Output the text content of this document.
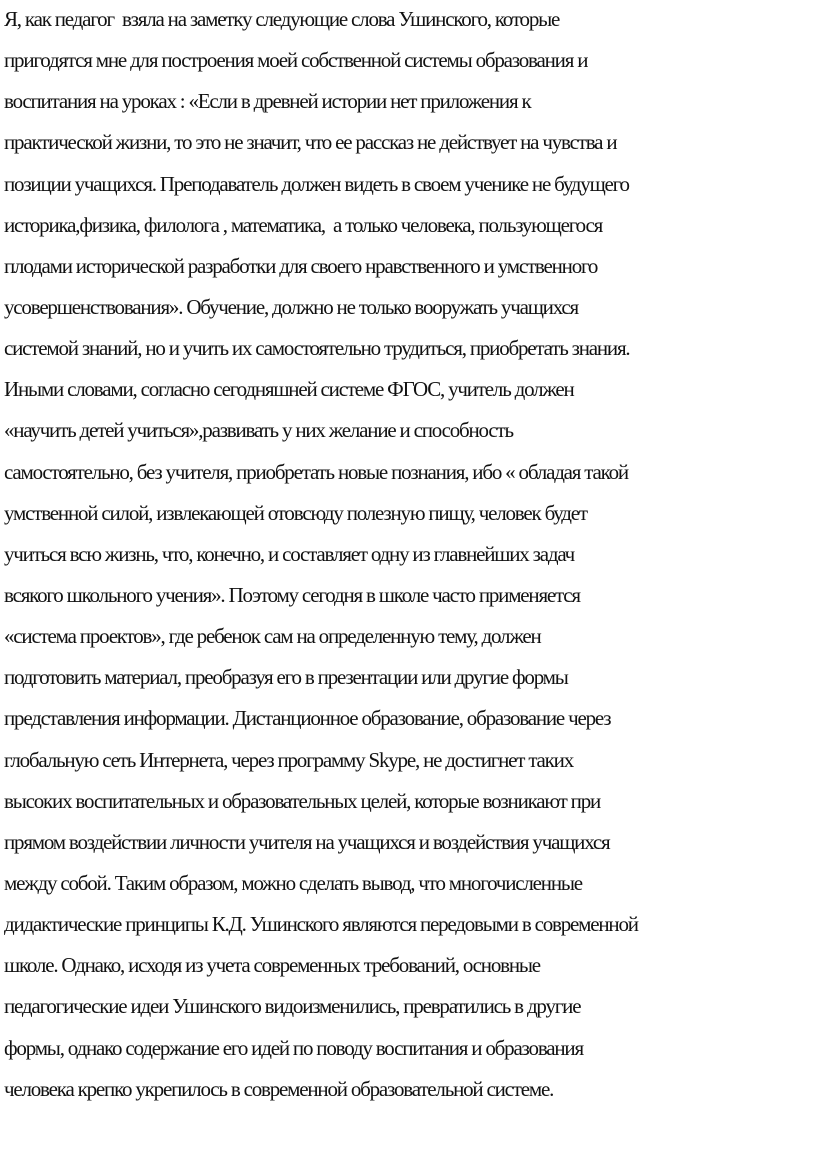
Я, как педагог  взяла на заметку следующие слова Ушинского, которые
пригодятся мне для построения моей собственной системы образования и
воспитания на уроках : «Если в древней истории нет приложения к
практической жизни, то это не значит, что ее рассказ не действует на чувства и
позиции учащихся. Преподаватель должен видеть в своем ученике не будущего
историка,физика, филолога , математика,  а только человека, пользующегося
плодами исторической разработки для своего нравственного и умственного
усовершенствования». Обучение, должно не только вооружать учащихся
системой знаний, но и учить их самостоятельно трудиться, приобретать знания.
Иными словами, согласно сегодняшней системе ФГОС, учитель должен
«научить детей учиться»,развивать у них желание и способность
самостоятельно, без учителя, приобретать новые познания, ибо « обладая такой
умственной силой, извлекающей отовсюду полезную пищу, человек будет
учиться всю жизнь, что, конечно, и составляет одну из главнейших задач
всякого школьного учения». Поэтому сегодня в школе часто применяется
«система проектов», где ребенок сам на определенную тему, должен
подготовить материал, преобразуя его в презентации или другие формы
представления информации. Дистанционное образование, образование через
глобальную сеть Интернета, через программу Skype, не достигнет таких
высоких воспитательных и образовательных целей, которые возникают при
прямом воздействии личности учителя на учащихся и воздействия учащихся
между собой. Таким образом, можно сделать вывод, что многочисленные
дидактические принципы К.Д. Ушинского являются передовыми в современной
школе. Однако, исходя из учета современных требований, основные
педагогические идеи Ушинского видоизменились, превратились в другие
формы, однако содержание его идей по поводу воспитания и образования
человека крепко укрепилось в современной образовательной системе.
